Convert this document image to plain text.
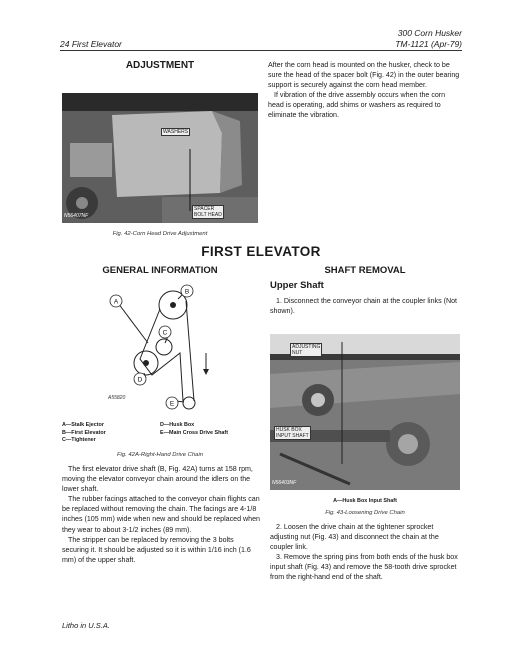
300 Corn Husker
TM-1121 (Apr-79)
24 First Elevator
ADJUSTMENT
WASHERS
SPACER
BOLT HEAD
N56407NF
Fig. 42-Corn Head Drive Adjustment

After the corn head is mounted on the husker, check to be sure the head of the spacer bolt (Fig. 42) in the outer bearing support is securely against the corn head member.

If vibration of the drive assembly occurs when the corn head is operating, add shims or washers as required to eliminate the vibration.

FIRST ELEVATOR
GENERAL INFORMATION	SHAFT REMOVAL
Upper Shaft
A
B
C
D
E
A55820
A—Stalk Ejector
B—First Elevator
C—Tightener
D—Husk Box
E—Main Cross Drive Shaft
Fig. 42A-Right-Hand Drive Chain

The first elevator drive shaft (B, Fig. 42A) turns at 158 rpm, moving the elevator conveyor chain around the idlers on the lower shaft.

The rubber facings attached to the conveyor chain flights can be replaced without removing the chain. The facings are 4-1/8 inches (105 mm) wide when new and should be replaced when they wear to about 3-1/2 inches (89 mm).

The stripper can be replaced by removing the 3 bolts securing it. It should be adjusted so it is within 1/16 inch (1.6 mm) of the upper shaft.

1. Disconnect the conveyor chain at the coupler links (Not shown).

ADJUSTING
NUT
HUSK BOX
INPUT SHAFT
N56403NF
A—Husk Box Input Shaft
Fig. 43-Loosening Drive Chain

2. Loosen the drive chain at the tightener sprocket adjusting nut (Fig. 43) and disconnect the chain at the coupler link.

3. Remove the spring pins from both ends of the husk box input shaft (Fig. 43) and remove the 58-tooth drive sprocket from the right-hand end of the shaft.

Litho in U.S.A.
